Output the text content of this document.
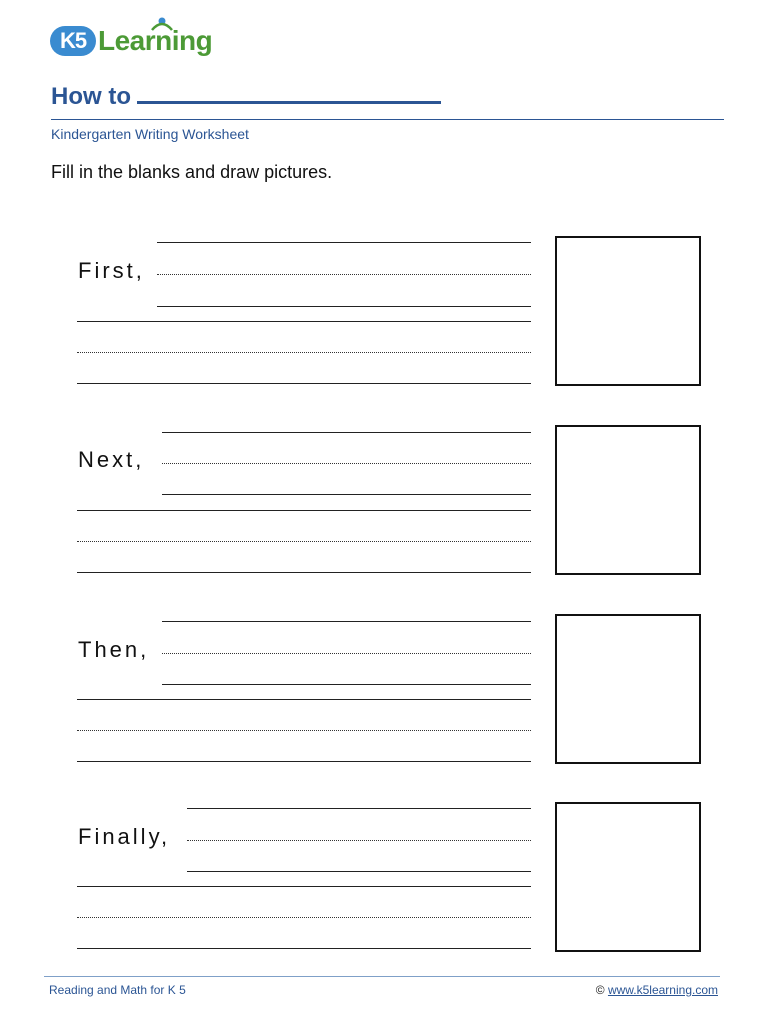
K5 Learning
How to
Kindergarten Writing Worksheet
Fill in the blanks and draw pictures.
First,
Next,
Then,
Finally,
Reading and Math for K 5	© www.k5learning.com
